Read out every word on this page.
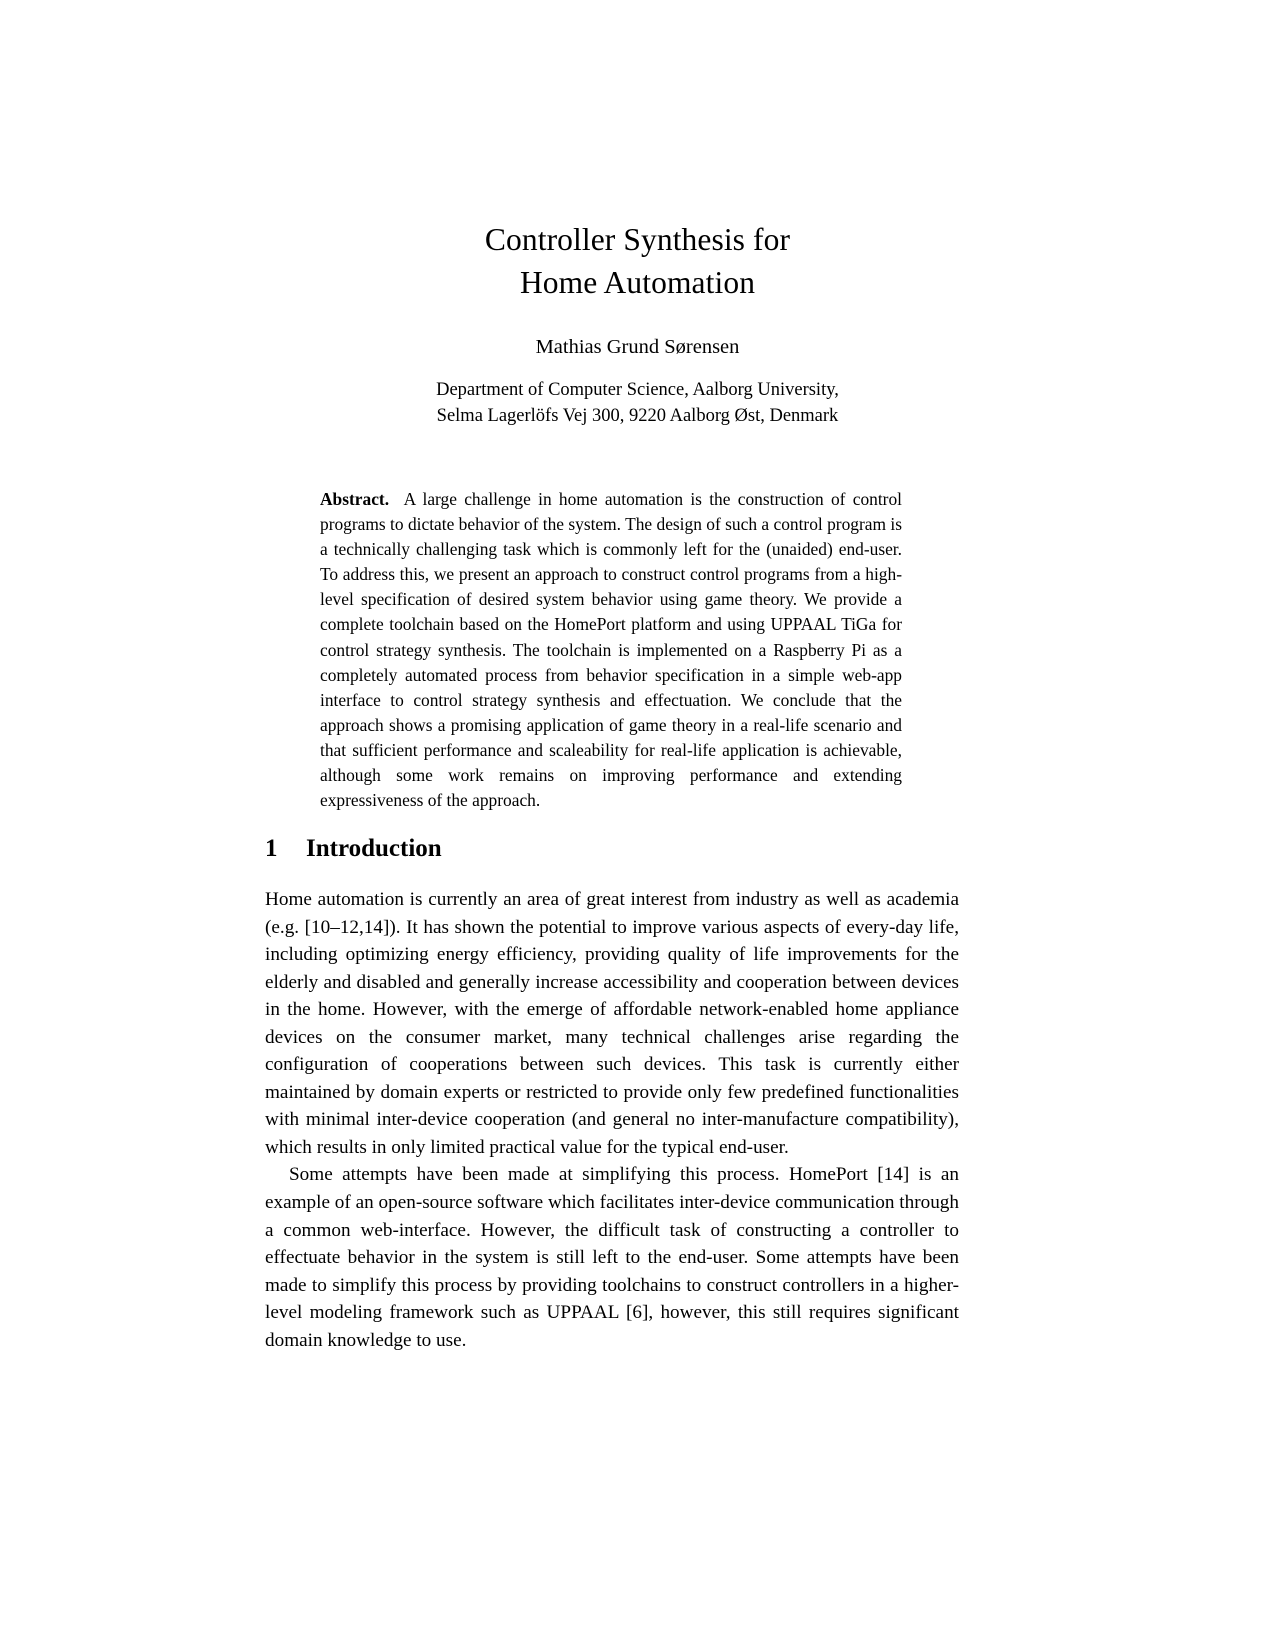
Controller Synthesis for
Home Automation
Mathias Grund Sørensen
Department of Computer Science, Aalborg University,
Selma Lagerlöfs Vej 300, 9220 Aalborg Øst, Denmark
Abstract. A large challenge in home automation is the construction of control programs to dictate behavior of the system. The design of such a control program is a technically challenging task which is commonly left for the (unaided) end-user. To address this, we present an approach to construct control programs from a high-level specification of desired system behavior using game theory. We provide a complete toolchain based on the HomePort platform and using UPPAAL TiGa for control strategy synthesis. The toolchain is implemented on a Raspberry Pi as a completely automated process from behavior specification in a simple web-app interface to control strategy synthesis and effectuation. We conclude that the approach shows a promising application of game theory in a real-life scenario and that sufficient performance and scaleability for real-life application is achievable, although some work remains on improving performance and extending expressiveness of the approach.
1 Introduction

Home automation is currently an area of great interest from industry as well as academia (e.g. [10–12,14]). It has shown the potential to improve various aspects of every-day life, including optimizing energy efficiency, providing quality of life improvements for the elderly and disabled and generally increase accessibility and cooperation between devices in the home. However, with the emerge of affordable network-enabled home appliance devices on the consumer market, many technical challenges arise regarding the configuration of cooperations between such devices. This task is currently either maintained by domain experts or restricted to provide only few predefined functionalities with minimal inter-device cooperation (and general no inter-manufacture compatibility), which results in only limited practical value for the typical end-user.

Some attempts have been made at simplifying this process. HomePort [14] is an example of an open-source software which facilitates inter-device communication through a common web-interface. However, the difficult task of constructing a controller to effectuate behavior in the system is still left to the end-user. Some attempts have been made to simplify this process by providing toolchains to construct controllers in a higher-level modeling framework such as UPPAAL [6], however, this still requires significant domain knowledge to use.
